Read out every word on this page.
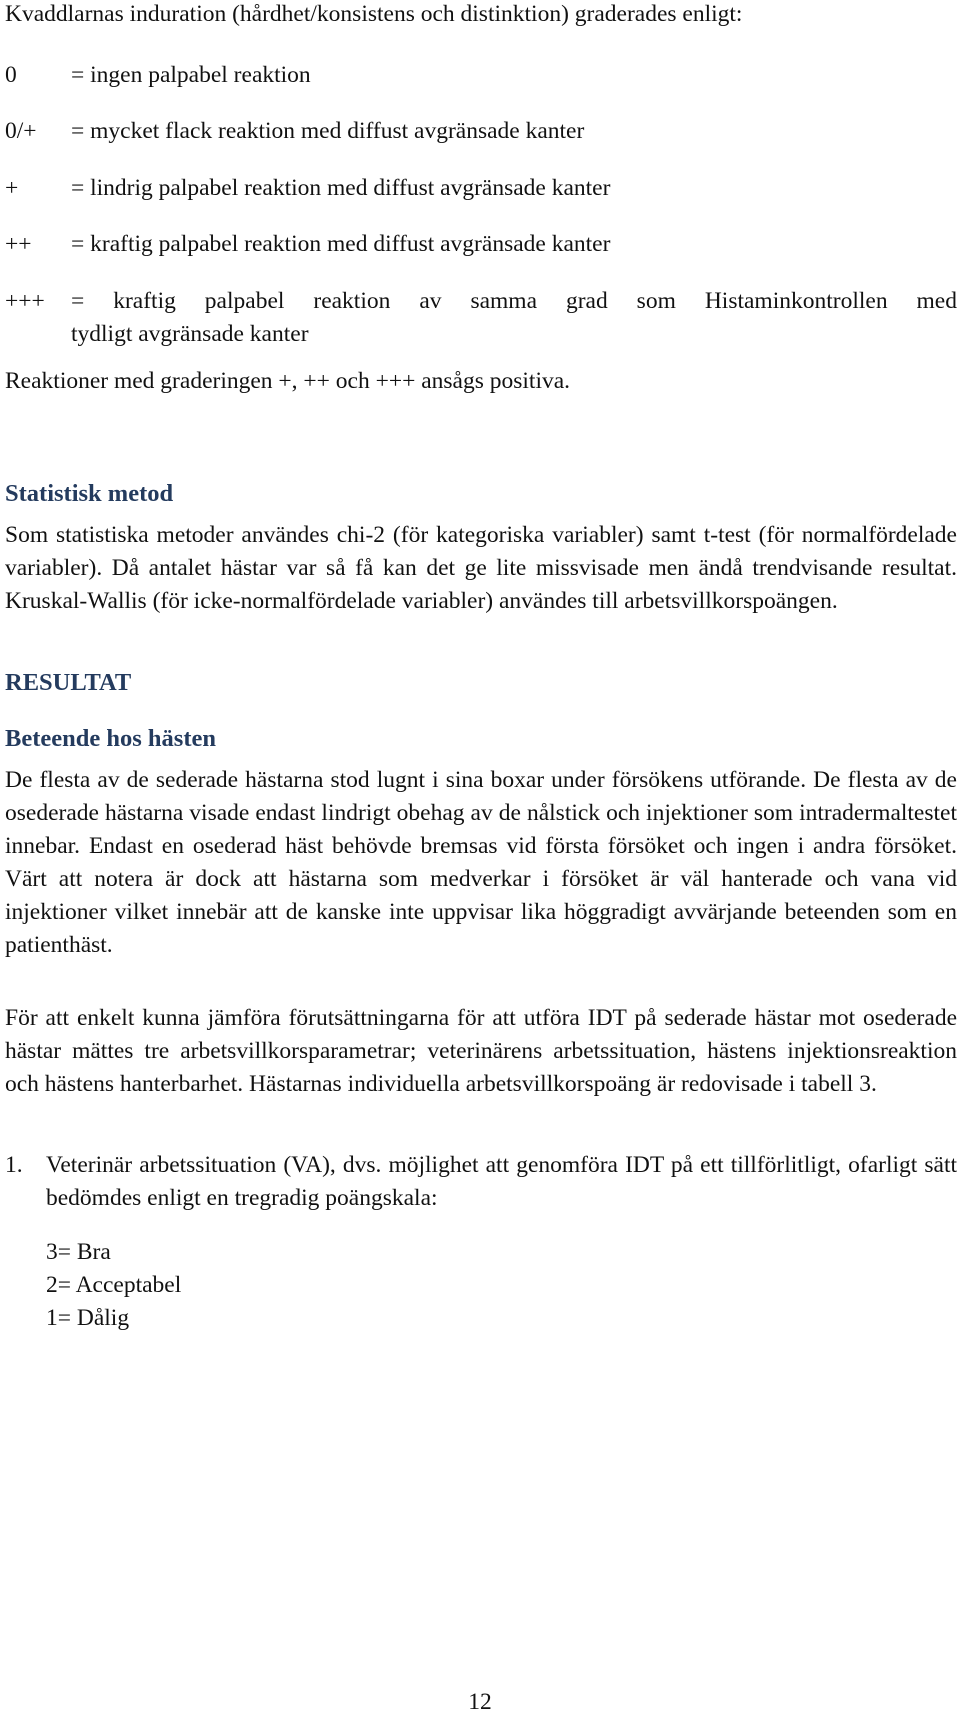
Kvaddlarnas induration (hårdhet/konsistens och distinktion) graderades enligt:

0	= ingen palpabel reaktion
0/+	= mycket flack reaktion med diffust avgränsade kanter
+	= lindrig palpabel reaktion med diffust avgränsade kanter
++	= kraftig palpabel reaktion med diffust avgränsade kanter
+++	= kraftig palpabel reaktion av samma grad som Histaminkontrollen med
tydligt avgränsade kanter

Reaktioner med graderingen +, ++ och +++ ansågs positiva.

Statistisk metod

Som statistiska metoder användes chi-2 (för kategoriska variabler) samt t-test (för normalfördelade variabler). Då antalet hästar var så få kan det ge lite missvisade men ändå trendvisande resultat. Kruskal-Wallis (för icke-normalfördelade variabler) användes till arbetsvillkorspoängen.

RESULTAT
Beteende hos hästen

De flesta av de sederade hästarna stod lugnt i sina boxar under försökens utförande. De flesta av de osederade hästarna visade endast lindrigt obehag av de nålstick och injektioner som intradermaltestet innebar. Endast en osederad häst behövde bremsas vid första försöket och ingen i andra försöket. Värt att notera är dock att hästarna som medverkar i försöket är väl hanterade och vana vid injektioner vilket innebär att de kanske inte uppvisar lika höggradigt avvärjande beteenden som en patienthäst.

För att enkelt kunna jämföra förutsättningarna för att utföra IDT på sederade hästar mot osederade hästar mättes tre arbetsvillkorsparametrar; veterinärens arbetssituation, hästens injektionsreaktion och hästens hanterbarhet. Hästarnas individuella arbetsvillkorspoäng är redovisade i tabell 3.

1. Veterinär arbetssituation (VA), dvs. möjlighet att genomföra IDT på ett tillförlitligt, ofarligt sätt bedömdes enligt en tregradig poängskala:

3= Bra
2= Acceptabel
1= Dålig
12
